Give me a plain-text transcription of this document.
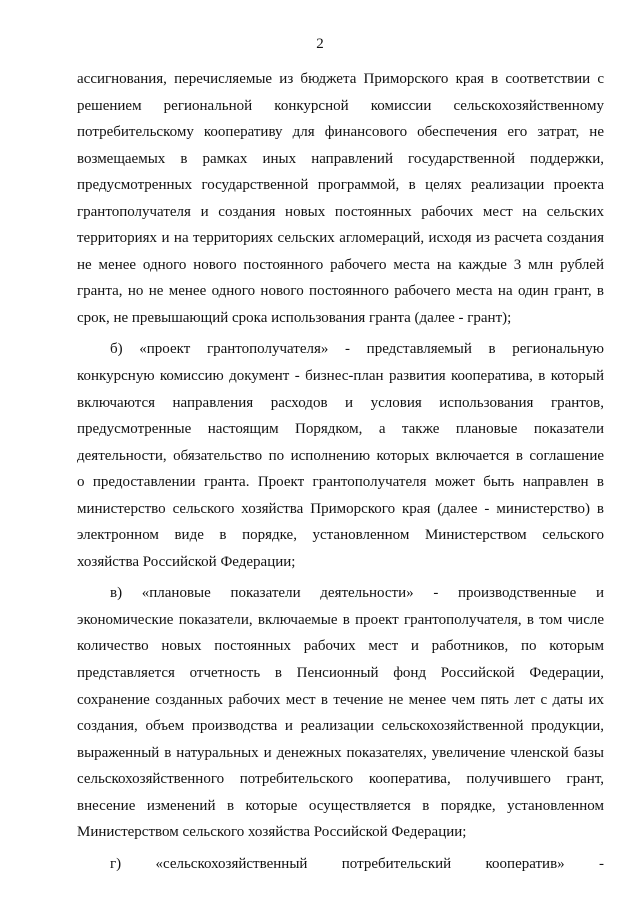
2
ассигнования, перечисляемые из бюджета Приморского края в соответствии с
решением региональной конкурсной комиссии сельскохозяйственному
потребительскому кооперативу для финансового обеспечения его затрат, не
возмещаемых в рамках иных направлений государственной поддержки,
предусмотренных государственной программой, в целях реализации проекта
грантополучателя и создания новых постоянных рабочих мест на сельских
территориях и на территориях сельских агломераций, исходя из расчета создания
не менее одного нового постоянного рабочего места на каждые 3 млн рублей
гранта, но не менее одного нового постоянного рабочего места на один грант, в
срок, не превышающий срока использования гранта (далее - грант);
б) «проект грантополучателя» - представляемый в региональную
конкурсную комиссию документ - бизнес-план развития кооператива, в который
включаются направления расходов и условия использования грантов,
предусмотренные настоящим Порядком, а также плановые показатели
деятельности, обязательство по исполнению которых включается в соглашение
о предоставлении гранта. Проект грантополучателя может быть направлен в
министерство сельского хозяйства Приморского края (далее - министерство) в
электронном виде в порядке, установленном Министерством сельского
хозяйства Российской Федерации;
в) «плановые показатели деятельности» - производственные и
экономические показатели, включаемые в проект грантополучателя, в том числе
количество новых постоянных рабочих мест и работников, по которым
представляется отчетность в Пенсионный фонд Российской Федерации,
сохранение созданных рабочих мест в течение не менее чем пять лет с даты их
создания, объем производства и реализации сельскохозяйственной продукции,
выраженный в натуральных и денежных показателях, увеличение членской базы
сельскохозяйственного потребительского кооператива, получившего грант,
внесение изменений в которые осуществляется в порядке, установленном
Министерством сельского хозяйства Российской Федерации;
г) «сельскохозяйственный потребительский кооператив» -
